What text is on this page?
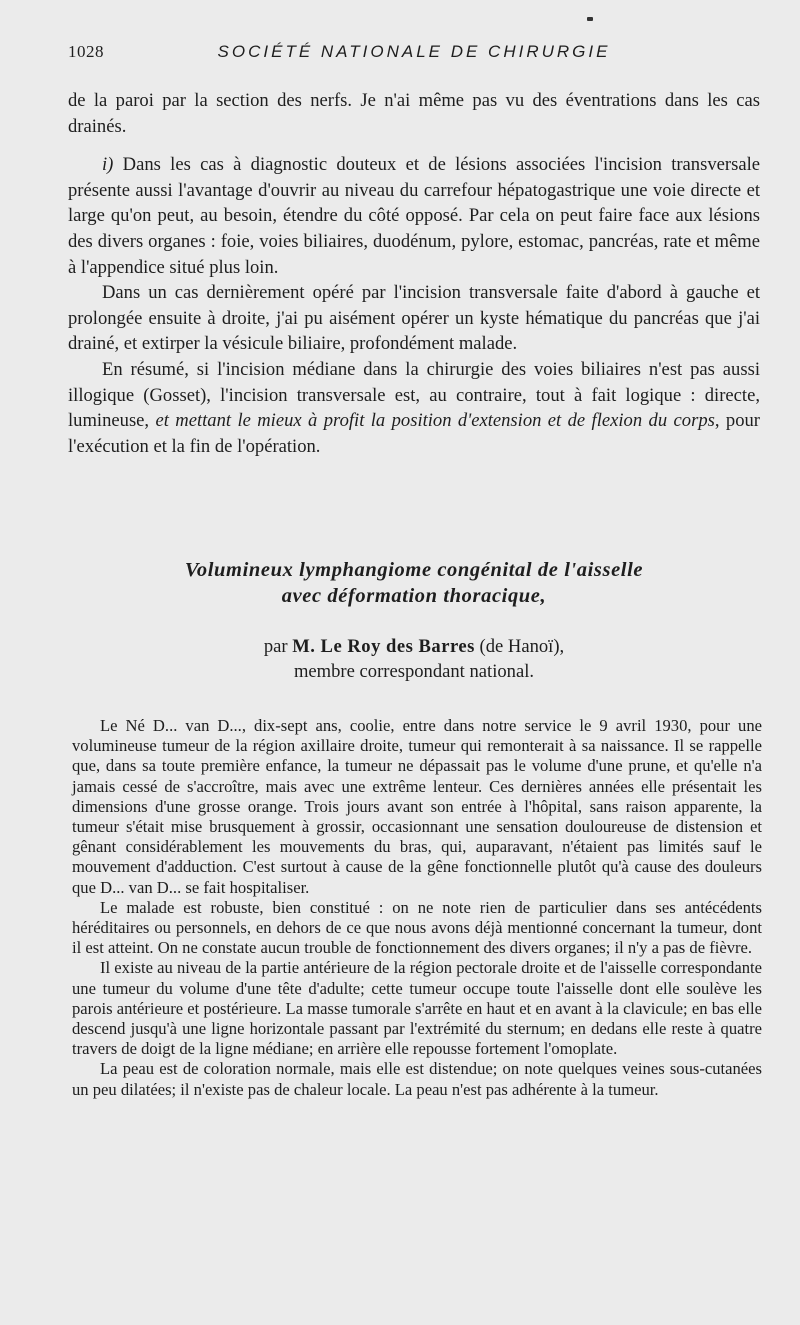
1028	SOCIÉTÉ NATIONALE DE CHIRURGIE

de la paroi par la section des nerfs. Je n'ai même pas vu des éventrations dans les cas drainés.

i) Dans les cas à diagnostic douteux et de lésions associées l'incision transversale présente aussi l'avantage d'ouvrir au niveau du carrefour hépatogastrique une voie directe et large qu'on peut, au besoin, étendre du côté opposé. Par cela on peut faire face aux lésions des divers organes : foie, voies biliaires, duodénum, pylore, estomac, pancréas, rate et même à l'appendice situé plus loin.

Dans un cas dernièrement opéré par l'incision transversale faite d'abord à gauche et prolongée ensuite à droite, j'ai pu aisément opérer un kyste hématique du pancréas que j'ai drainé, et extirper la vésicule biliaire, profondément malade.

En résumé, si l'incision médiane dans la chirurgie des voies biliaires n'est pas aussi illogique (Gosset), l'incision transversale est, au contraire, tout à fait logique : directe, lumineuse, et mettant le mieux à profit la position d'extension et de flexion du corps, pour l'exécution et la fin de l'opération.

Volumineux lymphangiome congénital de l'aisselle
avec déformation thoracique,
par M. Le Roy des Barres (de Hanoï),
membre correspondant national.

Le Né D... van D..., dix-sept ans, coolie, entre dans notre service le 9 avril 1930, pour une volumineuse tumeur de la région axillaire droite, tumeur qui remonterait à sa naissance. Il se rappelle que, dans sa toute première enfance, la tumeur ne dépassait pas le volume d'une prune, et qu'elle n'a jamais cessé de s'accroître, mais avec une extrême lenteur. Ces dernières années elle présentait les dimensions d'une grosse orange. Trois jours avant son entrée à l'hôpital, sans raison apparente, la tumeur s'était mise brusquement à grossir, occasionnant une sensation douloureuse de distension et gênant considérablement les mouvements du bras, qui, auparavant, n'étaient pas limités sauf le mouvement d'adduction. C'est surtout à cause de la gêne fonctionnelle plutôt qu'à cause des douleurs que D... van D... se fait hospitaliser.

Le malade est robuste, bien constitué : on ne note rien de particulier dans ses antécédents héréditaires ou personnels, en dehors de ce que nous avons déjà mentionné concernant la tumeur, dont il est atteint. On ne constate aucun trouble de fonctionnement des divers organes; il n'y a pas de fièvre.

Il existe au niveau de la partie antérieure de la région pectorale droite et de l'aisselle correspondante une tumeur du volume d'une tête d'adulte; cette tumeur occupe toute l'aisselle dont elle soulève les parois antérieure et postérieure. La masse tumorale s'arrête en haut et en avant à la clavicule; en bas elle descend jusqu'à une ligne horizontale passant par l'extrémité du sternum; en dedans elle reste à quatre travers de doigt de la ligne médiane; en arrière elle repousse fortement l'omoplate.

La peau est de coloration normale, mais elle est distendue; on note quelques veines sous-cutanées un peu dilatées; il n'existe pas de chaleur locale. La peau n'est pas adhérente à la tumeur.
